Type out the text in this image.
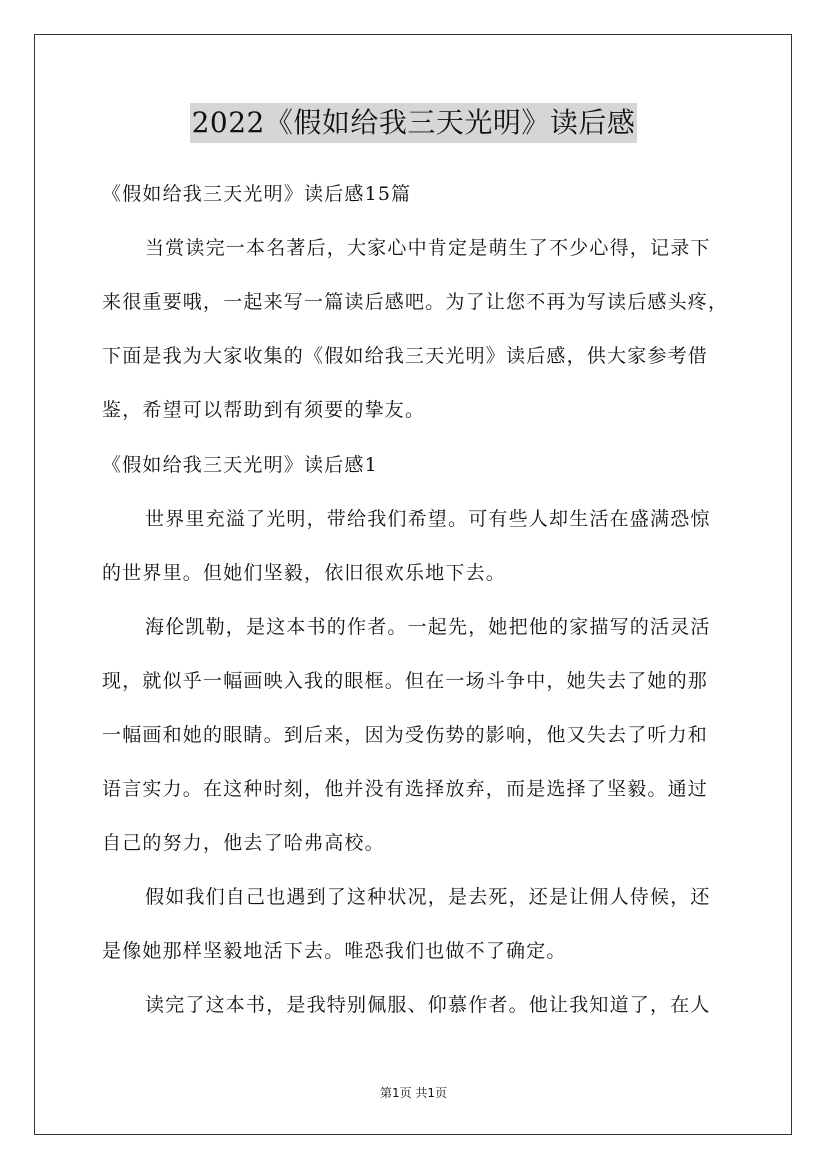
2022《假如给我三天光明》读后感
《假如给我三天光明》读后感15篇
当赏读完一本名著后，大家心中肯定是萌生了不少心得，记录下
来很重要哦，一起来写一篇读后感吧。为了让您不再为写读后感头疼，
下面是我为大家收集的《假如给我三天光明》读后感，供大家参考借
鉴，希望可以帮助到有须要的挚友。
《假如给我三天光明》读后感1
世界里充溢了光明，带给我们希望。可有些人却生活在盛满恐惊
的世界里。但她们坚毅，依旧很欢乐地下去。
海伦凯勒，是这本书的作者。一起先，她把他的家描写的活灵活
现，就似乎一幅画映入我的眼框。但在一场斗争中，她失去了她的那
一幅画和她的眼睛。到后来，因为受伤势的影响，他又失去了听力和
语言实力。在这种时刻，他并没有选择放弃，而是选择了坚毅。通过
自己的努力，他去了哈弗高校。
假如我们自己也遇到了这种状况，是去死，还是让佣人侍候，还
是像她那样坚毅地活下去。唯恐我们也做不了确定。
读完了这本书，是我特别佩服、仰慕作者。他让我知道了，在人
第1页 共1页
